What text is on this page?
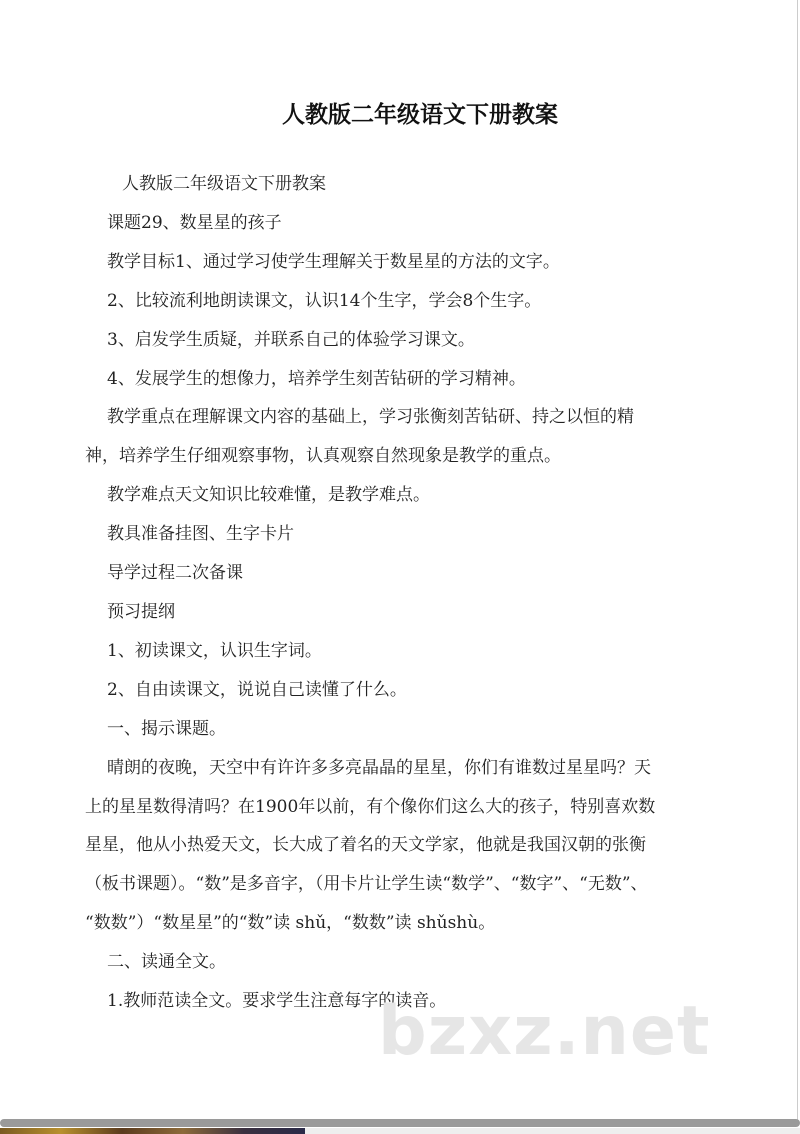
人教版二年级语文下册教案
人教版二年级语文下册教案
课题29、数星星的孩子
教学目标1、通过学习使学生理解关于数星星的方法的文字。
2、比较流利地朗读课文，认识14个生字，学会8个生字。
3、启发学生质疑，并联系自己的体验学习课文。
4、发展学生的想像力，培养学生刻苦钻研的学习精神。
教学重点在理解课文内容的基础上，学习张衡刻苦钻研、持之以恒的精
神，培养学生仔细观察事物，认真观察自然现象是教学的重点。
教学难点天文知识比较难懂，是教学难点。
教具准备挂图、生字卡片
导学过程二次备课
预习提纲
1、初读课文，认识生字词。
2、自由读课文，说说自己读懂了什么。
一、揭示课题。
晴朗的夜晚，天空中有许许多多亮晶晶的星星，你们有谁数过星星吗？天
上的星星数得清吗？在1900年以前，有个像你们这么大的孩子，特别喜欢数
星星，他从小热爱天文，长大成了着名的天文学家，他就是我国汉朝的张衡
（板书课题）。“数”是多音字，（用卡片让学生读“数学”、“数字”、“无数”、
“数数”）“数星星”的“数”读 shǔ，“数数”读 shǔshù。
二、读通全文。
1.教师范读全文。要求学生注意每字的读音。
bzxz.net
